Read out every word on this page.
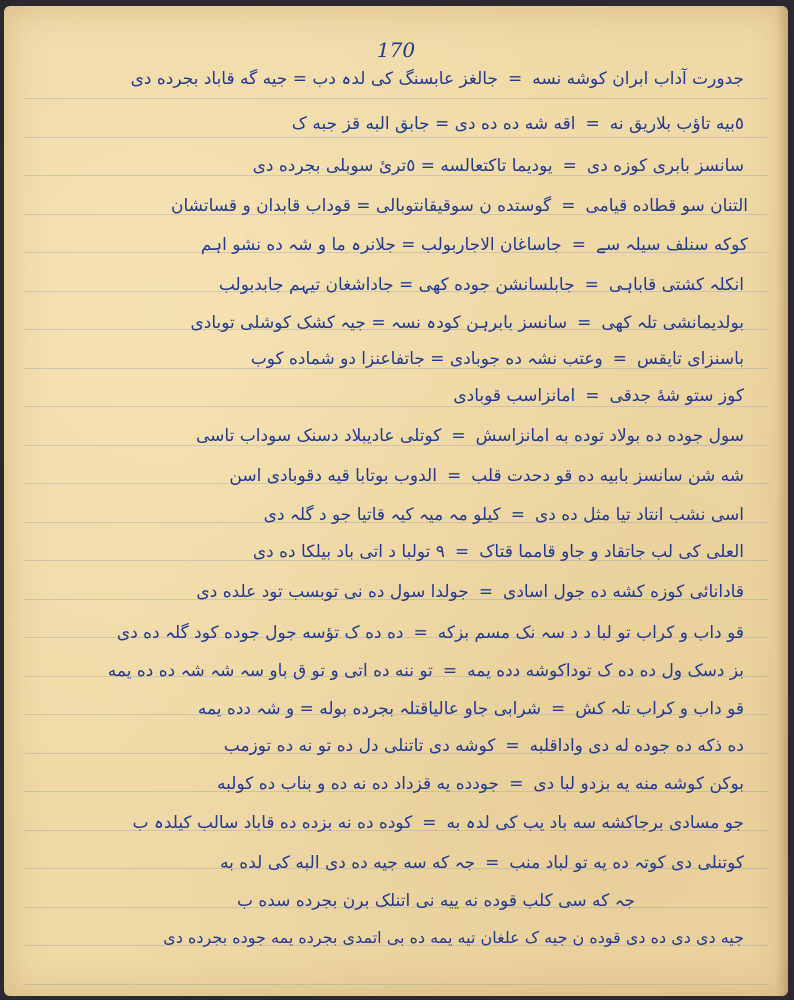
170
جدورت آداب ابران کوشه نسه=جالغز عابسنگ کی لدہ دب = جیه گه قاباد بجرده دی
٥بیه تاؤب بلاریق نه=اقه شه ده ده دی = جابق البه قز جبه ک
سانسز بابری کوزه دی=یودیما تاکتعالسه = ٥ترئ سوبلی بجرده دی
التنان سو قطاده قیامی=گوستده ن سوقیقانتوبالی = قوداب قابدان و قساتشان
کوکه سنلف سیلہ سے=جاساغان الاجاربولب = جلانرہ ما و شہ ده نشو اہم
انکلہ کشتی قاباہی=جابلسانشن جوده کهی = جاداشغان تیہم جابدبولب
بولدیمانشی تلہ کهی=سانسز بابرہن کودہ نسہ = جیہ کشک کوشلی توبادی
باسنزای تایقس=وعتب نشہ ده جوبادی = جاتفاعنزا دو شماده کوب
کوز ستو شهٔ جدقی=امانزاسب قوبادی
سول جوده ده بولاد توده به امانزاسش=کوتلی عادیبلاد دسنک سوداب تاسی
شه شن سانسز بابیه ده قو دحدت قلب=الدوب بوتابا قیه دقوبادی اسن
اسی نشب انتاد تیا مثل ده دی=کیلو مہ میہ کیہ قاتیا جو د گلہ دی
العلی کی لب جاتقاد و جاو قامما قتاک=٩ تولبا د اتی باد بیلکا ده دی
قادانائی کوزه کشه ده جول اسادی=جولدا سول ده نی توبسب تود علده دی
قو داب و کراب تو لبا د د سہ نک مسم بزکه=ده ده ک تؤسه جول جوده کود گلہ ده دی
بز دسک ول ده ده ک توداکوشه دده یمه=تو ننه ده اتی و تو ق باو سہ شہ شہ ده ده یمه
قو داب و کراب تلہ کش=شرابی جاو عالیاقتلہ بجرده بوله = و شہ دده یمه
ده ذکه ده جوده له دی واداقلبه=کوشه دی تاتنلی دل ده تو نه ده توزمب
بوکن کوشه منه یه بزدو لبا دی=جودده یه قزداد ده نه ده و بناب ده کولبه
جو مسادی برجاکشه سه باد یب کی لدہ به=کوده ده نه بزده ده قاباد سالب کیلدہ ب
کوتنلی دی کوتہ ده یه تو لباد منب=جہ که سه جیه ده دی البه کی لده به
جہ که سی کلب قوده نه ییه نی اتنلک برن بجرده سده ب
جیه دی دی ده دی قوده ن جیه ک علغان تیه یمه ده بی اتمدی بجرده یمه جوده بجرده دی
